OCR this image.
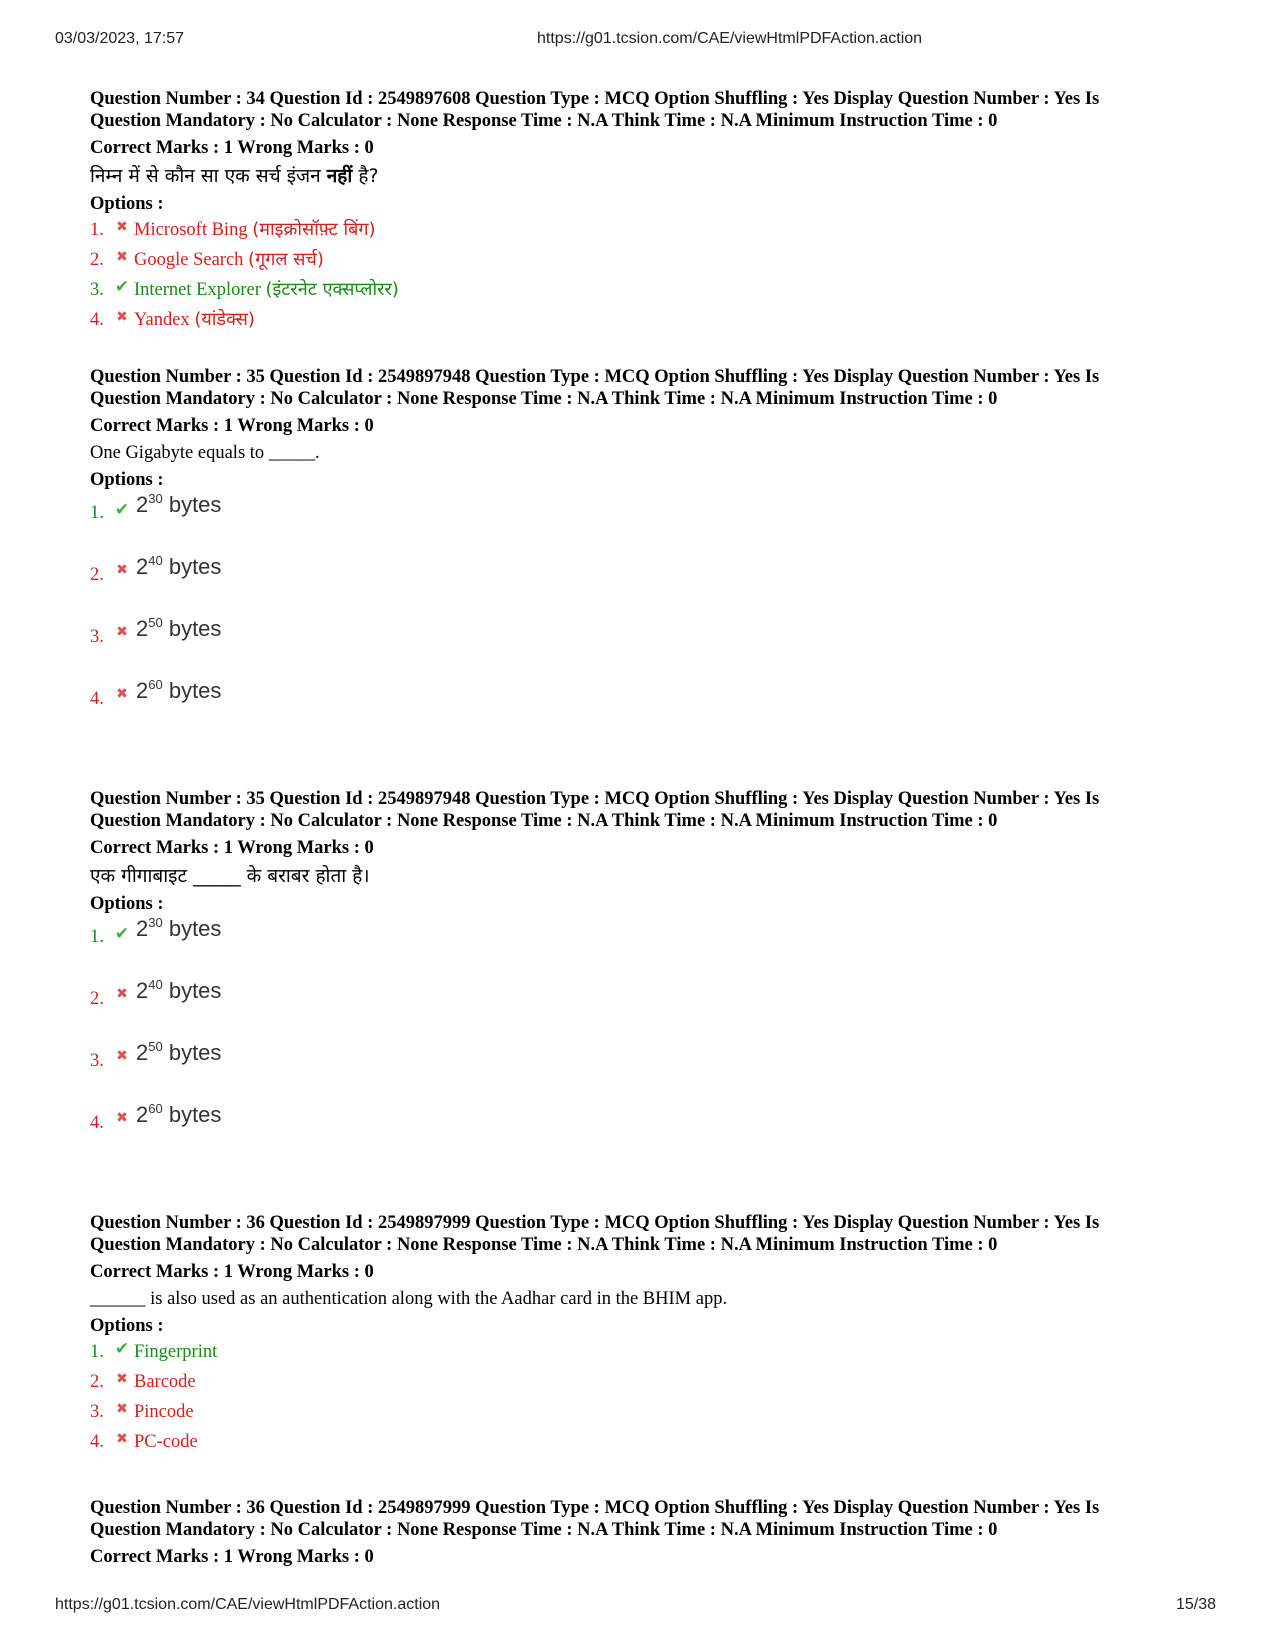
03/03/2023, 17:57	https://g01.tcsion.com/CAE/viewHtmlPDFAction.action

Question Number : 34 Question Id : 2549897608 Question Type : MCQ Option Shuffling : Yes Display Question Number : Yes Is

Question Mandatory : No Calculator : None Response Time : N.A Think Time : N.A Minimum Instruction Time : 0

Correct Marks : 1 Wrong Marks : 0
निम्न में से कौन सा एक सर्च इंजन नहीं है?
Options :
1. ✖ Microsoft Bing (माइक्रोसॉफ़्ट बिंग)
2. ✖ Google Search (गूगल सर्च)
3. ✔ Internet Explorer (इंटरनेट एक्सप्लोरर)
4. ✖ Yandex (यांडेक्स)

Question Number : 35 Question Id : 2549897948 Question Type : MCQ Option Shuffling : Yes Display Question Number : Yes Is

Question Mandatory : No Calculator : None Response Time : N.A Think Time : N.A Minimum Instruction Time : 0

Correct Marks : 1 Wrong Marks : 0
One Gigabyte equals to _____.
Options :
1. ✔ $2^{30}$ bytes
2. ✖ $2^{40}$ bytes
3. ✖ $2^{50}$ bytes
4. ✖ $2^{60}$ bytes

Question Number : 35 Question Id : 2549897948 Question Type : MCQ Option Shuffling : Yes Display Question Number : Yes Is

Question Mandatory : No Calculator : None Response Time : N.A Think Time : N.A Minimum Instruction Time : 0

Correct Marks : 1 Wrong Marks : 0
एक गीगाबाइट _____ के बराबर होता है।
Options :
1. ✔ $2^{30}$ bytes
2. ✖ $2^{40}$ bytes
3. ✖ $2^{50}$ bytes
4. ✖ $2^{60}$ bytes

Question Number : 36 Question Id : 2549897999 Question Type : MCQ Option Shuffling : Yes Display Question Number : Yes Is

Question Mandatory : No Calculator : None Response Time : N.A Think Time : N.A Minimum Instruction Time : 0

Correct Marks : 1 Wrong Marks : 0
______ is also used as an authentication along with the Aadhar card in the BHIM app.
Options :
1. ✔ Fingerprint
2. ✖ Barcode
3. ✖ Pincode
4. ✖ PC-code

Question Number : 36 Question Id : 2549897999 Question Type : MCQ Option Shuffling : Yes Display Question Number : Yes Is

Question Mandatory : No Calculator : None Response Time : N.A Think Time : N.A Minimum Instruction Time : 0

Correct Marks : 1 Wrong Marks : 0
https://g01.tcsion.com/CAE/viewHtmlPDFAction.action	15/38
